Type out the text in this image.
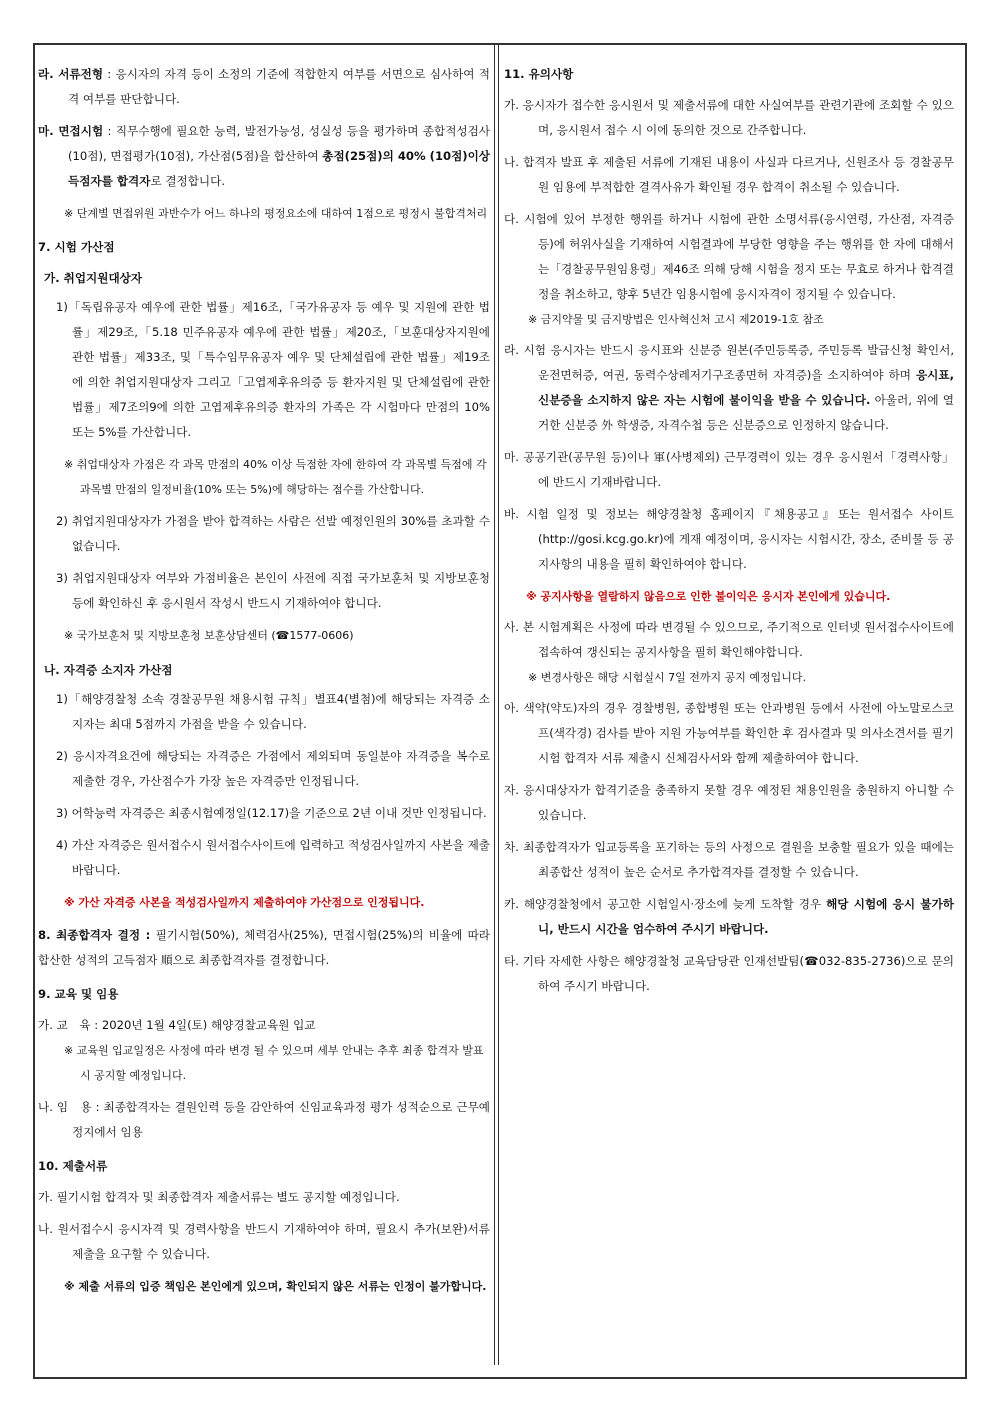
라. 서류전형 : 응시자의 자격 등이 소정의 기준에 적합한지 여부를 서면으로 심사하여 적격 여부를 판단합니다.

마. 면접시험 : 직무수행에 필요한 능력, 발전가능성, 성실성 등을 평가하며 종합적성검사(10점), 면접평가(10점), 가산점(5점)을 합산하여 총점(25점)의 40% (10점)이상 득점자를 합격자로 결정합니다.

※ 단계별 면접위원 과반수가 어느 하나의 평정요소에 대하여 1점으로 평정시 불합격처리

7. 시험 가산점

가. 취업지원대상자

1)「독립유공자 예우에 관한 법률」제16조,「국가유공자 등 예우 및 지원에 관한 법률」제29조,「5.18 민주유공자 예우에 관한 법률」제20조,「보훈대상자지원에 관한 법률」제33조, 및「특수임무유공자 예우 및 단체설립에 관한 법률」제19조에 의한 취업지원대상자 그리고「고엽제후유의증 등 환자지원 및 단체설립에 관한 법률」제7조의9에 의한 고엽제후유의증 환자의 가족은 각 시험마다 만점의 10% 또는 5%를 가산합니다.

※ 취업대상자 가점은 각 과목 만점의 40% 이상 득점한 자에 한하여 각 과목별 득점에 각 과목별 만점의 일정비율(10% 또는 5%)에 해당하는 점수를 가산합니다.

2) 취업지원대상자가 가점을 받아 합격하는 사람은 선발 예정인원의 30%를 초과할 수 없습니다.

3) 취업지원대상자 여부와 가점비율은 본인이 사전에 직접 국가보훈처 및 지방보훈청 등에 확인하신 후 응시원서 작성시 반드시 기재하여야 합니다.

※ 국가보훈처 및 지방보훈청 보훈상담센터 (☎1577-0606)

나. 자격증 소지자 가산점

1)「해양경찰청 소속 경찰공무원 채용시험 규칙」별표4(별첨)에 해당되는 자격증 소지자는 최대 5점까지 가점을 받을 수 있습니다.

2) 응시자격요건에 해당되는 자격증은 가점에서 제외되며 동일분야 자격증을 복수로 제출한 경우, 가산점수가 가장 높은 자격증만 인정됩니다.

3) 어학능력 자격증은 최종시험예정일(12.17)을 기준으로 2년 이내 것만 인정됩니다.

4) 가산 자격증은 원서접수시 원서접수사이트에 입력하고 적성검사일까지 사본을 제출 바랍니다.

※ 가산 자격증 사본을 적성검사일까지 제출하여야 가산점으로 인정됩니다.

8. 최종합격자 결정 : 필기시험(50%), 체력검사(25%), 면접시험(25%)의 비율에 따라 합산한 성적의 고득점자 順으로 최종합격자를 결정합니다.

9. 교육 및 임용

가. 교　육 : 2020년 1월 4일(토) 해양경찰교육원 입교

※ 교육원 입교일정은 사정에 따라 변경 될 수 있으며 세부 안내는 추후 최종 합격자 발표시 공지할 예정입니다.

나. 임　용 : 최종합격자는 결원인력 등을 감안하여 신임교육과정 평가 성적순으로 근무예정지에서 임용

10. 제출서류

가. 필기시험 합격자 및 최종합격자 제출서류는 별도 공지할 예정입니다.

나. 원서접수시 응시자격 및 경력사항을 반드시 기재하여야 하며, 필요시 추가(보완)서류 제출을 요구할 수 있습니다.

※ 제출 서류의 입증 책임은 본인에게 있으며, 확인되지 않은 서류는 인정이 불가합니다.

11. 유의사항

가. 응시자가 접수한 응시원서 및 제출서류에 대한 사실여부를 관련기관에 조회할 수 있으며, 응시원서 접수 시 이에 동의한 것으로 간주합니다.

나. 합격자 발표 후 제출된 서류에 기재된 내용이 사실과 다르거나, 신원조사 등 경찰공무원 임용에 부적합한 결격사유가 확인될 경우 합격이 취소될 수 있습니다.

다. 시험에 있어 부정한 행위를 하거나 시험에 관한 소명서류(응시연령, 가산점, 자격증 등)에 허위사실을 기재하여 시험결과에 부당한 영향을 주는 행위를 한 자에 대해서는「경찰공무원임용령」제46조 의해 당해 시험을 정지 또는 무효로 하거나 합격결정을 취소하고, 향후 5년간 임용시험에 응시자격이 정지될 수 있습니다.

※ 금지약물 및 금지방법은 인사혁신처 고시 제2019-1호 참조

라. 시험 응시자는 반드시 응시표와 신분증 원본(주민등록증, 주민등록 발급신청 확인서, 운전면허증, 여권, 동력수상레저기구조종면허 자격증)을 소지하여야 하며 응시표, 신분증을 소지하지 않은 자는 시험에 불이익을 받을 수 있습니다. 아울러, 위에 열거한 신분증 外 학생증, 자격수첩 등은 신분증으로 인정하지 않습니다.

마. 공공기관(공무원 등)이나 軍(사병제외) 근무경력이 있는 경우 응시원서「경력사항」에 반드시 기재바랍니다.

바. 시험 일정 및 정보는 해양경찰청 홈페이지『채용공고』또는 원서접수 사이트(http://gosi.kcg.go.kr)에 게재 예정이며, 응시자는 시험시간, 장소, 준비물 등 공지사항의 내용을 필히 확인하여야 합니다.

※ 공지사항을 열람하지 않음으로 인한 불이익은 응시자 본인에게 있습니다.

사. 본 시험계획은 사정에 따라 변경될 수 있으므로, 주기적으로 인터넷 원서접수사이트에 접속하여 갱신되는 공지사항을 필히 확인해야합니다.

※ 변경사항은 해당 시험실시 7일 전까지 공지 예정입니다.

아. 색약(약도)자의 경우 경찰병원, 종합병원 또는 안과병원 등에서 사전에 아노말로스코프(색각경) 검사를 받아 지원 가능여부를 확인한 후 검사결과 및 의사소견서를 필기시험 합격자 서류 제출시 신체검사서와 함께 제출하여야 합니다.

자. 응시대상자가 합격기준을 충족하지 못할 경우 예정된 채용인원을 충원하지 아니할 수 있습니다.

차. 최종합격자가 입교등록을 포기하는 등의 사정으로 결원을 보충할 필요가 있을 때에는 최종합산 성적이 높은 순서로 추가합격자를 결정할 수 있습니다.

카. 해양경찰청에서 공고한 시험일시·장소에 늦게 도착할 경우 해당 시험에 응시 불가하니, 반드시 시간을 엄수하여 주시기 바랍니다.

타. 기타 자세한 사항은 해양경찰청 교육담당관 인재선발팀(☎032-835-2736)으로 문의하여 주시기 바랍니다.
